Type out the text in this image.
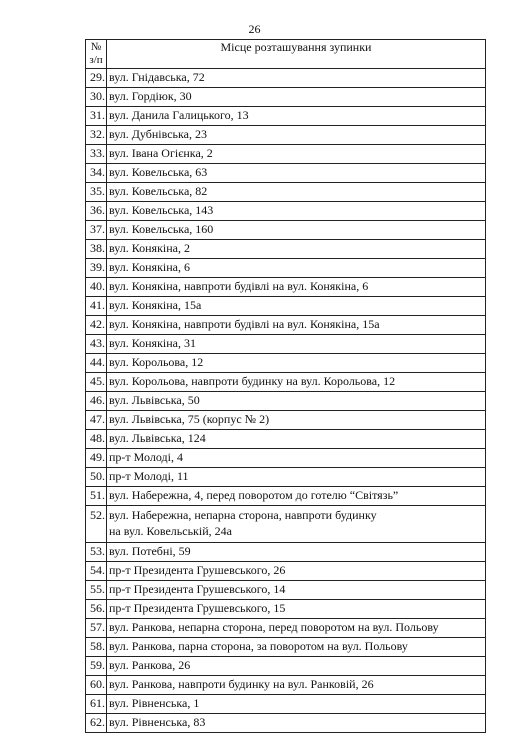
26
№
з/п	Місце розташування зупинки
29.	вул. Гнідавська, 72

30.	вул. Гордіюк, 30

31.	вул. Данила Галицького, 13

32.	вул. Дубнівська, 23

33.	вул. Івана Огієнка, 2

34.	вул. Ковельська, 63

35.	вул. Ковельська, 82

36.	вул. Ковельська, 143

37.	вул. Ковельська, 160

38.	вул. Конякіна, 2

39.	вул. Конякіна, 6

40.	вул. Конякіна, навпроти будівлі на вул. Конякіна, 6

41.	вул. Конякіна, 15а

42.	вул. Конякіна, навпроти будівлі на вул. Конякіна, 15а

43.	вул. Конякіна, 31

44.	вул. Корольова, 12

45.	вул. Корольова, навпроти будинку на вул. Корольова, 12

46.	вул. Львівська, 50

47.	вул. Львівська, 75 (корпус № 2)

48.	вул. Львівська, 124

49.	пр-т Молоді, 4

50.	пр-т Молоді, 11

51.	вул. Набережна, 4, перед поворотом до готелю “Світязь”

52.	вул. Набережна, непарна сторона, навпроти будинку
на вул. Ковельській, 24а

53.	вул. Потебні, 59

54.	пр-т Президента Грушевського, 26

55.	пр-т Президента Грушевського, 14

56.	пр-т Президента Грушевського, 15

57.	вул. Ранкова, непарна сторона, перед поворотом на вул. Польову

58.	вул. Ранкова, парна сторона, за поворотом на вул. Польову

59.	вул. Ранкова, 26

60.	вул. Ранкова, навпроти будинку на вул. Ранковій, 26

61.	вул. Рівненська, 1

62.	вул. Рівненська, 83
